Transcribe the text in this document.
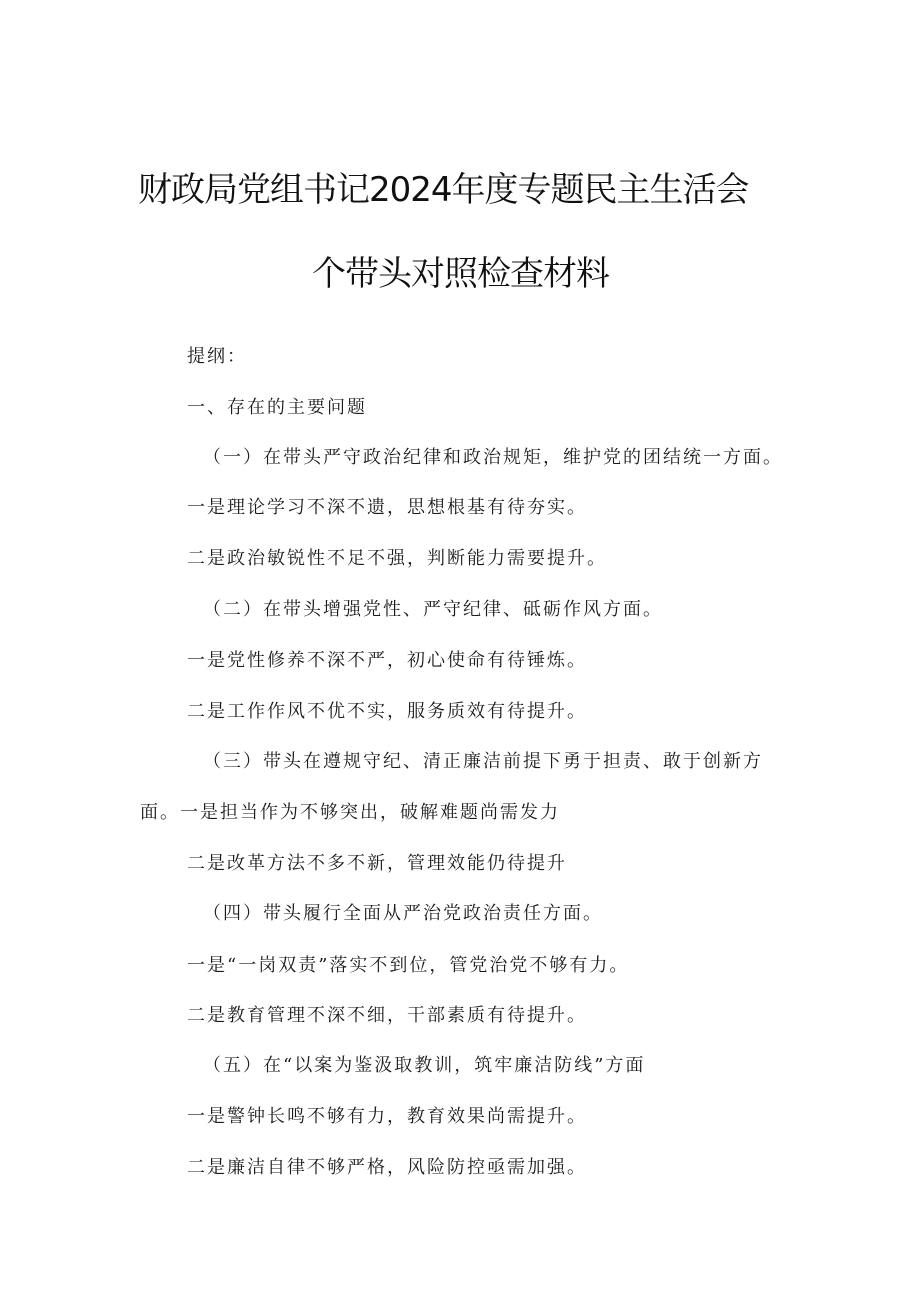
财政局党组书记2024年度专题民主生活会
个带头对照检查材料
提纲：
一、存在的主要问题
（一）在带头严守政治纪律和政治规矩，维护党的团结统一方面。
一是理论学习不深不遗，思想根基有待夯实。
二是政治敏锐性不足不强，判断能力需要提升。
（二）在带头增强党性、严守纪律、砥砺作风方面。
一是党性修养不深不严，初心使命有待锤炼。
二是工作作风不优不实，服务质效有待提升。
（三）带头在遵规守纪、清正廉洁前提下勇于担责、敢于创新方
面。一是担当作为不够突出，破解难题尚需发力
二是改革方法不多不新，管理效能仍待提升
（四）带头履行全面从严治党政治责任方面。
一是“一岗双责”落实不到位，管党治党不够有力。
二是教育管理不深不细，干部素质有待提升。
（五）在“以案为鉴汲取教训，筑牢廉洁防线”方面
一是警钟长鸣不够有力，教育效果尚需提升。
二是廉洁自律不够严格，风险防控亟需加强。
